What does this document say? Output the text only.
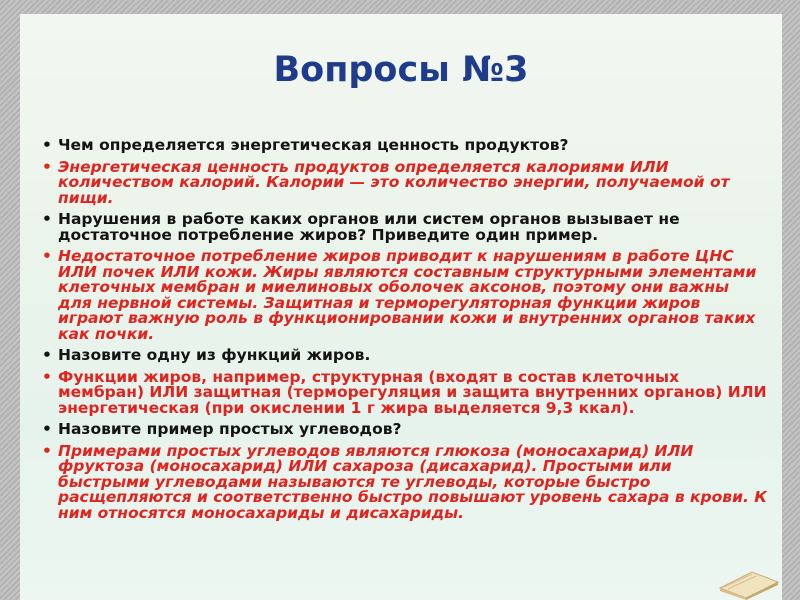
Вопросы №3
• Чем определяется энергетическая ценность продуктов?
• Энергетическая ценность продуктов определяется калориями ИЛИ количеством калорий. Калории — это количество энергии, получаемой от пищи.
• Нарушения в работе каких органов или систем органов вызывает не достаточное потребление жиров? Приведите один пример.
• Недостаточное потребление жиров приводит к нарушениям в работе ЦНС ИЛИ почек ИЛИ кожи. Жиры являются составным структурными элементами клеточных мембран и миелиновых оболочек аксонов, поэтому они важны для нервной системы. Защитная и терморегуляторная функции жиров играют важную роль в функционировании кожи и внутренних органов таких как почки.
• Назовите одну из функций жиров.
• Функции жиров, например, структурная (входят в состав клеточных мембран) ИЛИ защитная (терморегуляция и защита внутренних органов) ИЛИ энергетическая (при окислении 1 г жира выделяется 9,3 ккал).
• Назовите пример простых углеводов?
• Примерами простых углеводов являются глюкоза (моносахарид) ИЛИ фруктоза (моносахарид) ИЛИ сахароза (дисахарид). Простыми или быстрыми углеводами называются те углеводы, которые быстро расщепляются и соответственно быстро повышают уровень сахара в крови. К ним относятся моносахариды и дисахариды.
